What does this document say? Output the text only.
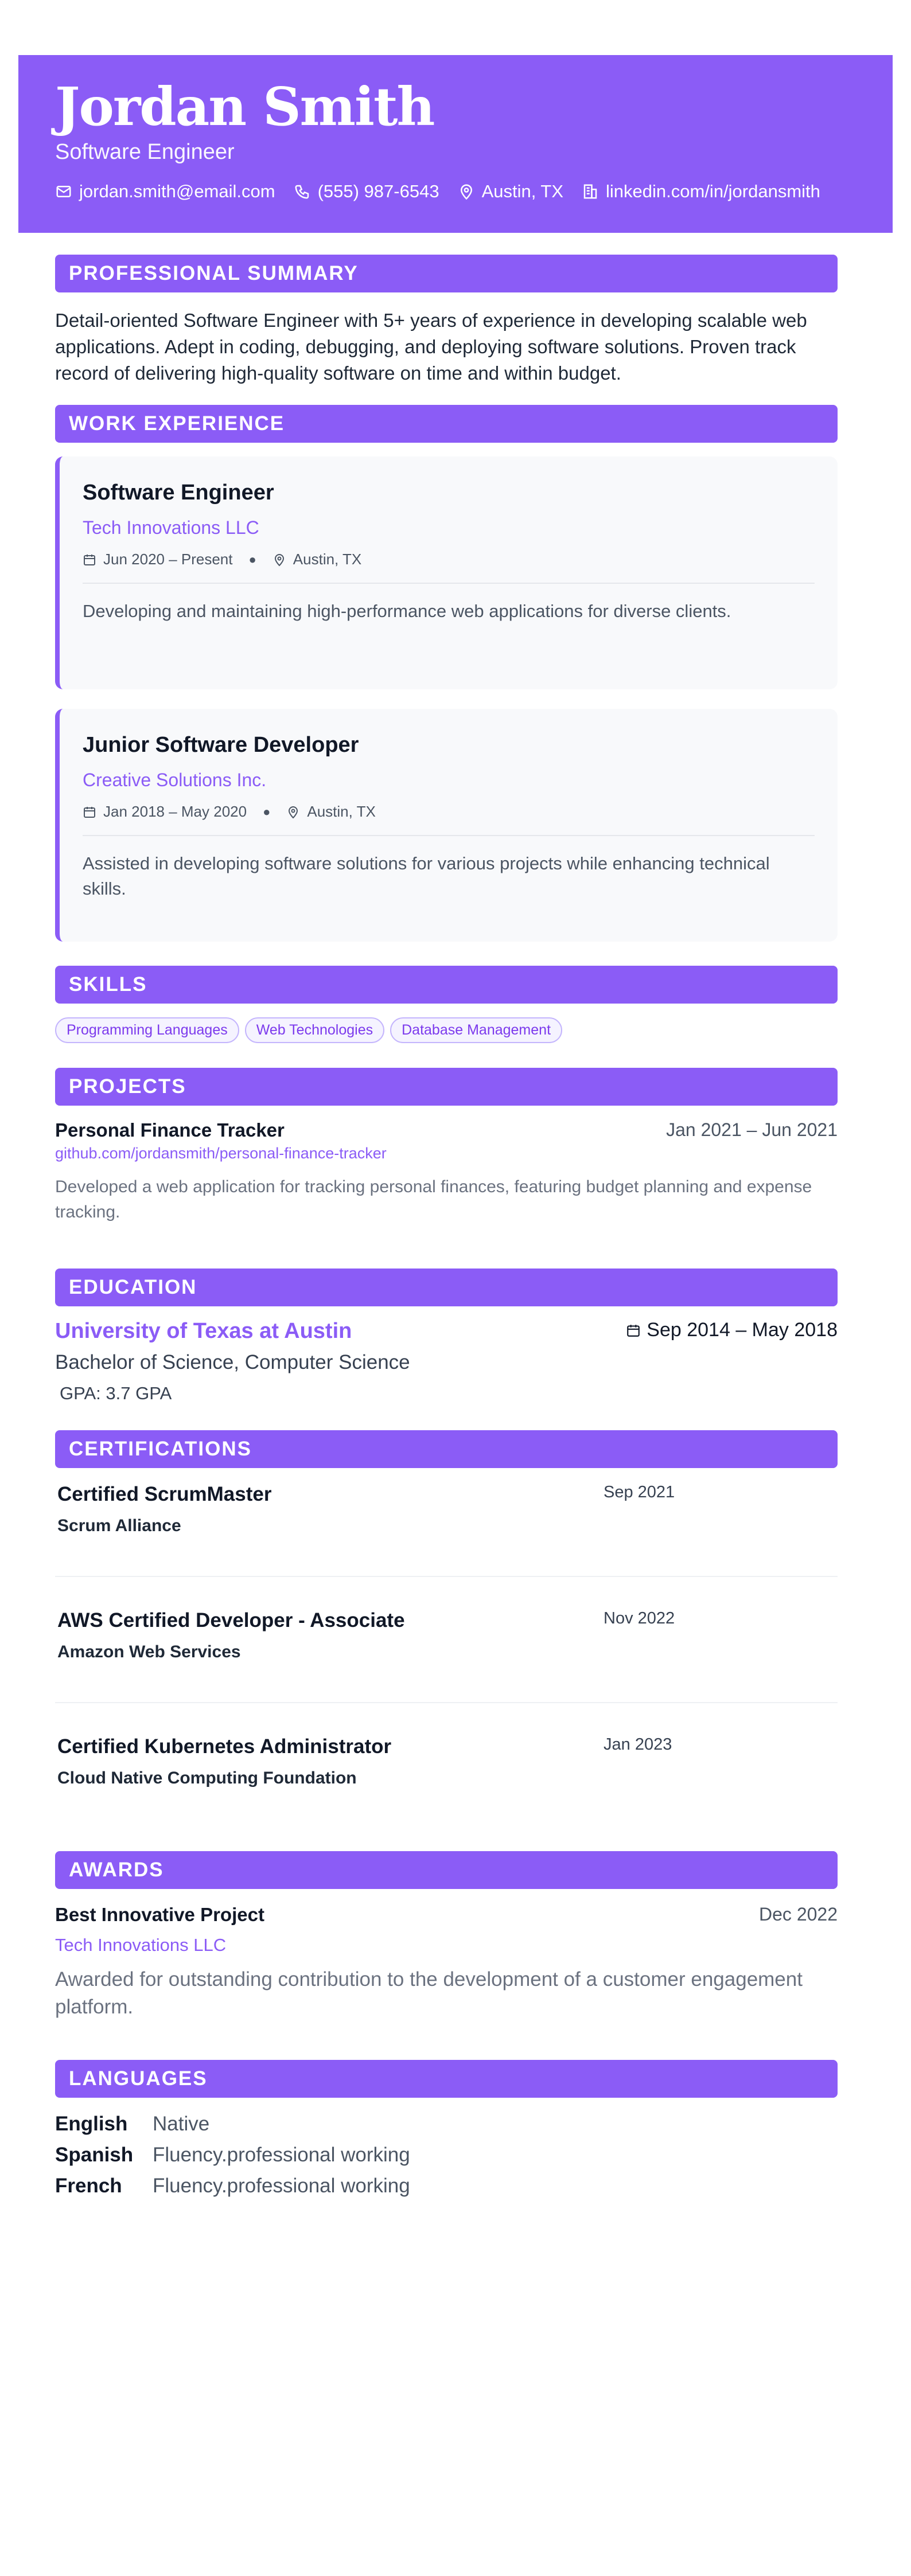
Jordan Smith
Software Engineer
jordan.smith@email.com (555) 987-6543 Austin, TX linkedin.com/in/jordansmith
PROFESSIONAL SUMMARY
Detail-oriented Software Engineer with 5+ years of experience in developing scalable web applications. Adept in coding, debugging, and deploying software solutions. Proven track record of delivering high-quality software on time and within budget.
WORK EXPERIENCE
Software Engineer
Tech Innovations LLC
Jun 2020 – Present ● Austin, TX
Developing and maintaining high-performance web applications for diverse clients.
Junior Software Developer
Creative Solutions Inc.
Jan 2018 – May 2020 ● Austin, TX
Assisted in developing software solutions for various projects while enhancing technical skills.
SKILLS
Programming Languages	Web Technologies	Database Management
PROJECTS
Personal Finance Tracker	Jan 2021 – Jun 2021
github.com/jordansmith/personal-finance-tracker
Developed a web application for tracking personal finances, featuring budget planning and expense tracking.
EDUCATION
University of Texas at Austin	Sep 2014 – May 2018
Bachelor of Science, Computer Science
GPA: 3.7 GPA
CERTIFICATIONS
Certified ScrumMaster
Scrum Alliance
Sep 2021
AWS Certified Developer - Associate
Amazon Web Services
Nov 2022
Certified Kubernetes Administrator
Cloud Native Computing Foundation
Jan 2023
AWARDS
Best Innovative Project	Dec 2022
Tech Innovations LLC
Awarded for outstanding contribution to the development of a customer engagement platform.
LANGUAGES
English	Native
Spanish Fluency.professional working
French	Fluency.professional working
